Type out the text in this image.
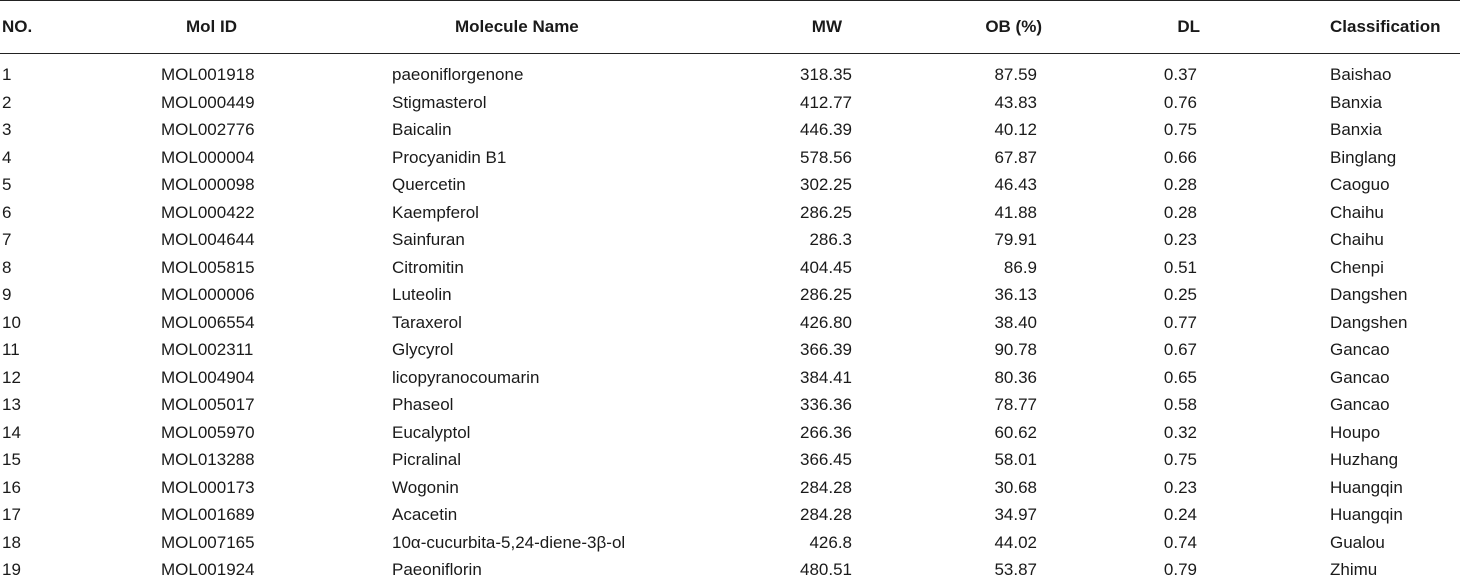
NO.	Mol ID	Molecule Name	MW	OB (%)	DL	Classification
1	MOL001918	paeoniflorgenone	318.35	87.59	0.37	Baishao
2	MOL000449	Stigmasterol	412.77	43.83	0.76	Banxia
3	MOL002776	Baicalin	446.39	40.12	0.75	Banxia
4	MOL000004	Procyanidin B1	578.56	67.87	0.66	Binglang
5	MOL000098	Quercetin	302.25	46.43	0.28	Caoguo
6	MOL000422	Kaempferol	286.25	41.88	0.28	Chaihu
7	MOL004644	Sainfuran	286.3	79.91	0.23	Chaihu
8	MOL005815	Citromitin	404.45	86.9	0.51	Chenpi
9	MOL000006	Luteolin	286.25	36.13	0.25	Dangshen
10	MOL006554	Taraxerol	426.80	38.40	0.77	Dangshen
11	MOL002311	Glycyrol	366.39	90.78	0.67	Gancao
12	MOL004904	licopyranocoumarin	384.41	80.36	0.65	Gancao
13	MOL005017	Phaseol	336.36	78.77	0.58	Gancao
14	MOL005970	Eucalyptol	266.36	60.62	0.32	Houpo
15	MOL013288	Picralinal	366.45	58.01	0.75	Huzhang
16	MOL000173	Wogonin	284.28	30.68	0.23	Huangqin
17	MOL001689	Acacetin	284.28	34.97	0.24	Huangqin
18	MOL007165	10α-cucurbita-5,24-diene-3β-ol	426.8	44.02	0.74	Gualou
19	MOL001924	Paeoniflorin	480.51	53.87	0.79	Zhimu
